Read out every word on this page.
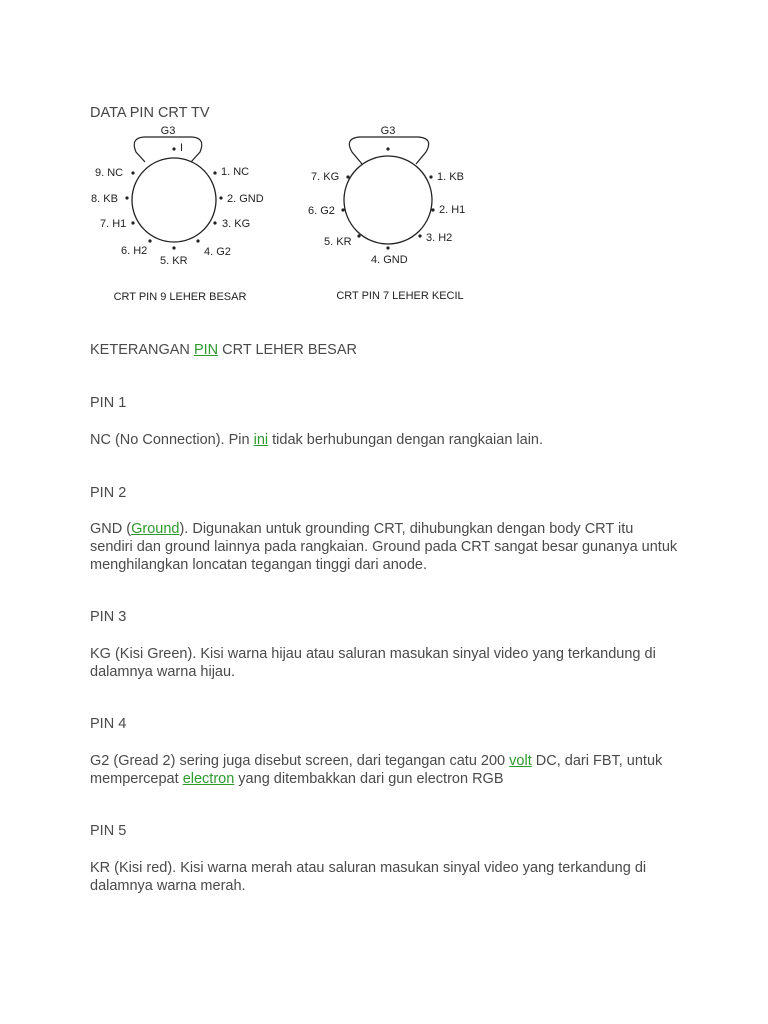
DATA PIN CRT TV
G3
I
9. NC
8. KB
7. H1
6. H2
5. KR
4. G2
3. KG
2. GND
1. NC
CRT PIN 9 LEHER BESAR
G3
7. KG
6. G2
5. KR
4. GND
3. H2
2. H1
1. KB
CRT PIN 7 LEHER KECIL
KETERANGAN PIN CRT LEHER BESAR
PIN 1
NC (No Connection). Pin ini tidak berhubungan dengan rangkaian lain.
PIN 2
GND (Ground). Digunakan untuk grounding CRT, dihubungkan dengan body CRT itu sendiri dan ground lainnya pada rangkaian. Ground pada CRT sangat besar gunanya untuk menghilangkan loncatan tegangan tinggi dari anode.
PIN 3
KG (Kisi Green). Kisi warna hijau atau saluran masukan sinyal video yang terkandung di dalamnya warna hijau.
PIN 4
G2 (Gread 2) sering juga disebut screen, dari tegangan catu 200 volt DC, dari FBT, untuk mempercepat electron yang ditembakkan dari gun electron RGB
PIN 5
KR (Kisi red). Kisi warna merah atau saluran masukan sinyal video yang terkandung di dalamnya warna merah.
